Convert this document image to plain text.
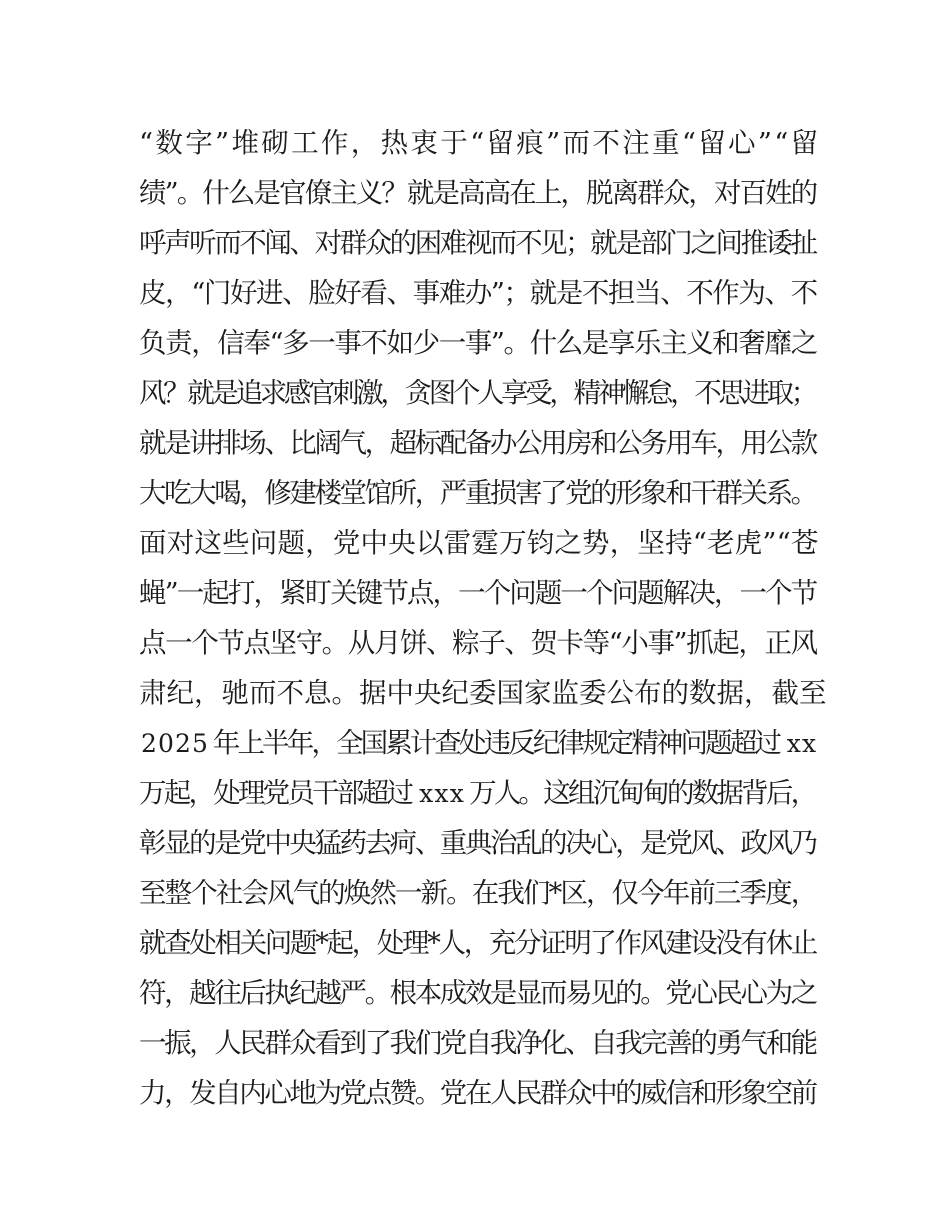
“数字”堆砌工作，热衷于“留痕”而不注重“留心”“留
绩”。什么是官僚主义？就是高高在上，脱离群众，对百姓的
呼声听而不闻、对群众的困难视而不见；就是部门之间推诿扯
皮，“门好进、脸好看、事难办”；就是不担当、不作为、不
负责，信奉“多一事不如少一事”。什么是享乐主义和奢靡之
风？就是追求感官刺激，贪图个人享受，精神懈怠，不思进取；
就是讲排场、比阔气，超标配备办公用房和公务用车，用公款
大吃大喝，修建楼堂馆所，严重损害了党的形象和干群关系。
面对这些问题，党中央以雷霆万钧之势，坚持“老虎”“苍
蝇”一起打，紧盯关键节点，一个问题一个问题解决，一个节
点一个节点坚守。从月饼、粽子、贺卡等“小事”抓起，正风
肃纪，驰而不息。据中央纪委国家监委公布的数据，截至
2 0 2 5 年上半年，全国累计查处违反纪律规定精神问题超过 x x
万起，处理党员干部超过 x x x 万人。这组沉甸甸的数据背后，
彰显的是党中央猛药去疴、重典治乱的决心，是党风、政风乃
至整个社会风气的焕然一新。在我们*区，仅今年前三季度，
就查处相关问题*起，处理*人，充分证明了作风建设没有休止
符，越往后执纪越严。根本成效是显而易见的。党心民心为之
一振，人民群众看到了我们党自我净化、自我完善的勇气和能
力，发自内心地为党点赞。党在人民群众中的威信和形象空前
